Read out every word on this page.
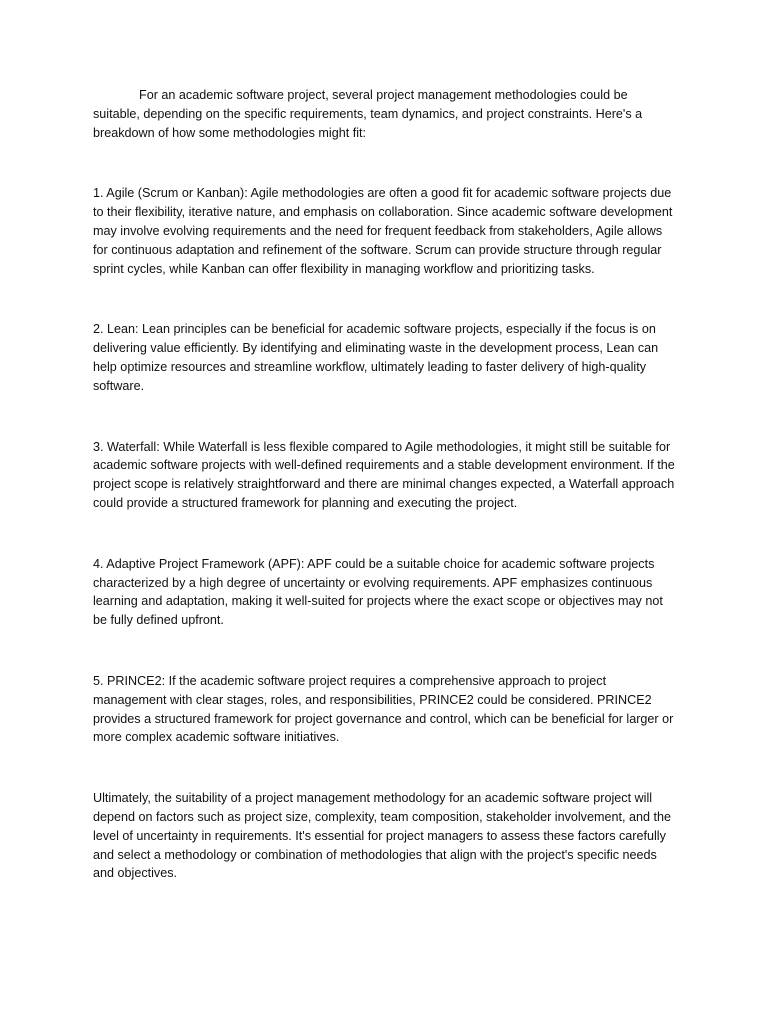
For an academic software project, several project management methodologies could be suitable, depending on the specific requirements, team dynamics, and project constraints. Here's a breakdown of how some methodologies might fit:

1. Agile (Scrum or Kanban): Agile methodologies are often a good fit for academic software projects due to their flexibility, iterative nature, and emphasis on collaboration. Since academic software development may involve evolving requirements and the need for frequent feedback from stakeholders, Agile allows for continuous adaptation and refinement of the software. Scrum can provide structure through regular sprint cycles, while Kanban can offer flexibility in managing workflow and prioritizing tasks.

2. Lean: Lean principles can be beneficial for academic software projects, especially if the focus is on delivering value efficiently. By identifying and eliminating waste in the development process, Lean can help optimize resources and streamline workflow, ultimately leading to faster delivery of high-quality software.

3. Waterfall: While Waterfall is less flexible compared to Agile methodologies, it might still be suitable for academic software projects with well-defined requirements and a stable development environment. If the project scope is relatively straightforward and there are minimal changes expected, a Waterfall approach could provide a structured framework for planning and executing the project.

4. Adaptive Project Framework (APF): APF could be a suitable choice for academic software projects characterized by a high degree of uncertainty or evolving requirements. APF emphasizes continuous learning and adaptation, making it well-suited for projects where the exact scope or objectives may not be fully defined upfront.

5. PRINCE2: If the academic software project requires a comprehensive approach to project management with clear stages, roles, and responsibilities, PRINCE2 could be considered. PRINCE2 provides a structured framework for project governance and control, which can be beneficial for larger or more complex academic software initiatives.

Ultimately, the suitability of a project management methodology for an academic software project will depend on factors such as project size, complexity, team composition, stakeholder involvement, and the level of uncertainty in requirements. It's essential for project managers to assess these factors carefully and select a methodology or combination of methodologies that align with the project's specific needs and objectives.
